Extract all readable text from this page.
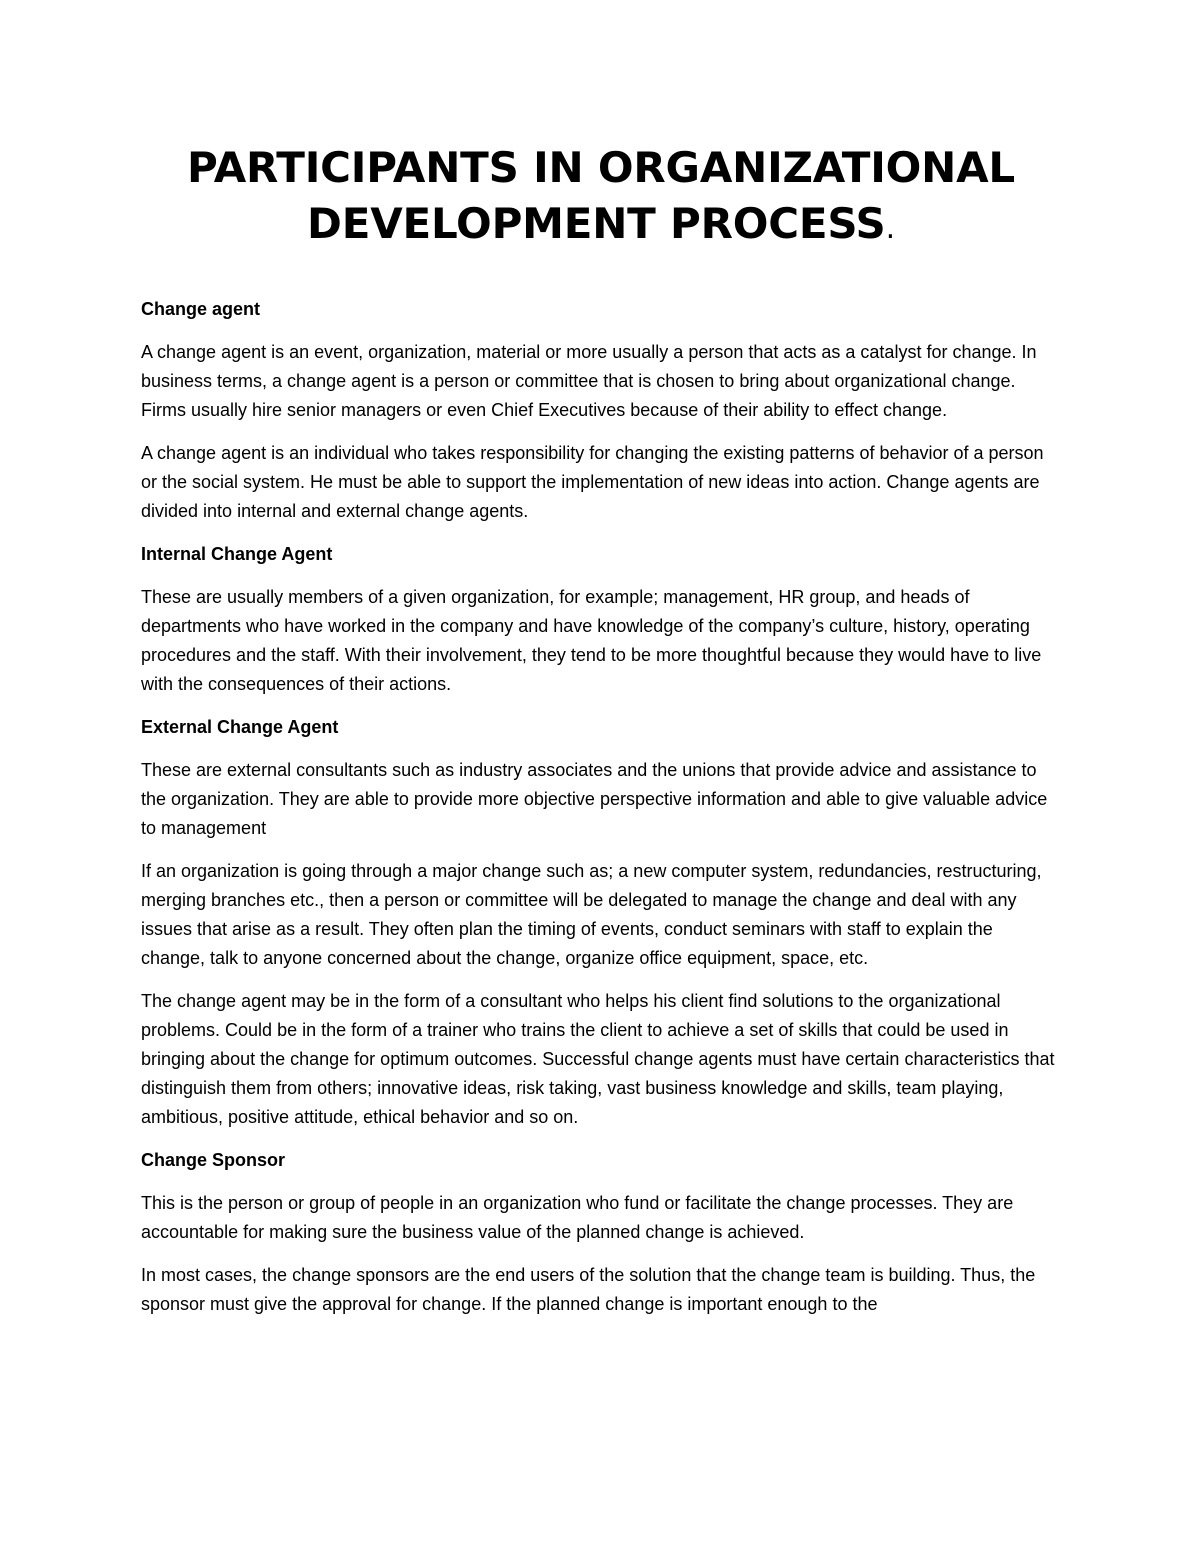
PARTICIPANTS IN ORGANIZATIONAL DEVELOPMENT PROCESS.

Change agent

A change agent is an event, organization, material or more usually a person that acts as a catalyst for change. In business terms, a change agent is a person or committee that is chosen to bring about organizational change. Firms usually hire senior managers or even Chief Executives because of their ability to effect change.

A change agent is an individual who takes responsibility for changing the existing patterns of behavior of a person or the social system. He must be able to support the implementation of new ideas into action. Change agents are divided into internal and external change agents.

Internal Change Agent

These are usually members of a given organization, for example; management, HR group, and heads of departments who have worked in the company and have knowledge of the company’s culture, history, operating procedures and the staff. With their involvement, they tend to be more thoughtful because they would have to live with the consequences of their actions.

External Change Agent

These are external consultants such as industry associates and the unions that provide advice and assistance to the organization. They are able to provide more objective perspective information and able to give valuable advice to management

If an organization is going through a major change such as; a new computer system, redundancies, restructuring, merging branches etc., then a person or committee will be delegated to manage the change and deal with any issues that arise as a result. They often plan the timing of events, conduct seminars with staff to explain the change, talk to anyone concerned about the change, organize office equipment, space, etc.

The change agent may be in the form of a consultant who helps his client find solutions to the organizational problems. Could be in the form of a trainer who trains the client to achieve a set of skills that could be used in bringing about the change for optimum outcomes. Successful change agents must have certain characteristics that distinguish them from others; innovative ideas, risk taking, vast business knowledge and skills, team playing, ambitious, positive attitude, ethical behavior and so on.

Change Sponsor

This is the person or group of people in an organization who fund or facilitate the change processes. They are accountable for making sure the business value of the planned change is achieved.

In most cases, the change sponsors are the end users of the solution that the change team is building. Thus, the sponsor must give the approval for change. If the planned change is important enough to the
